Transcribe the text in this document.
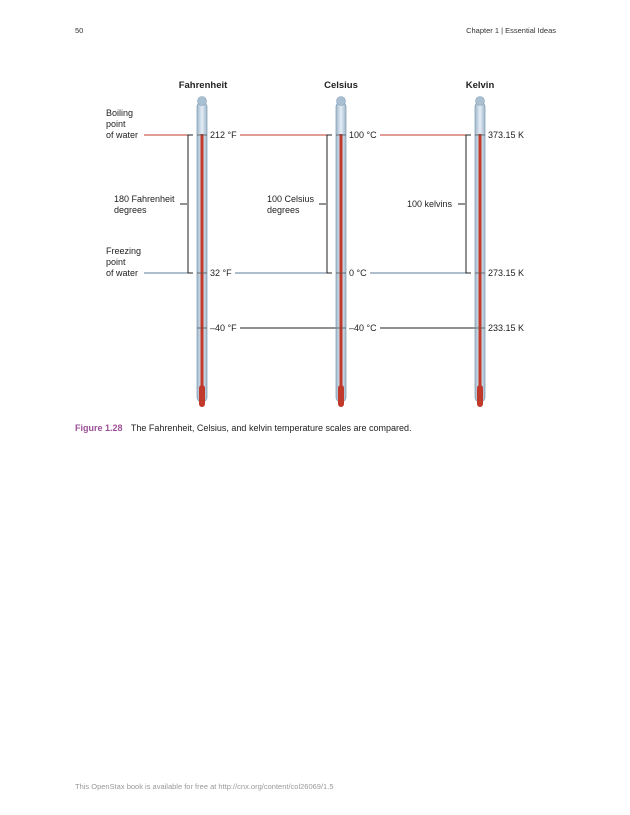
50	Chapter 1 | Essential Ideas
Fahrenheit	Celsius	Kelvin
Boiling
point
of water
Freezing
point
of water
180 Fahrenheit
degrees
100 Celsius
degrees
100 kelvins
212 °F
32 °F
–40 °F
100 °C
0 °C
–40 °C
373.15 K
273.15 K
233.15 K
Figure 1.28 The Fahrenheit, Celsius, and kelvin temperature scales are compared.
This OpenStax book is available for free at http://cnx.org/content/col26069/1.5
